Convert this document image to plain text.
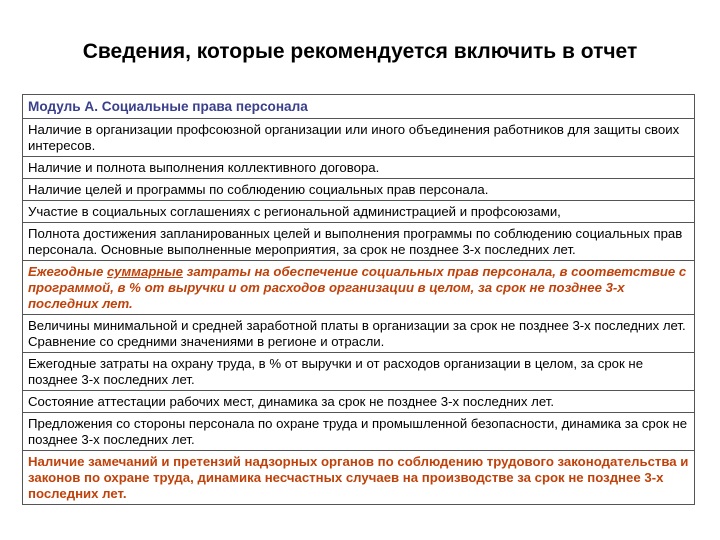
Сведения, которые рекомендуется включить в отчет
Модуль А. Социальные права персонала
Наличие в организации профсоюзной организации или иного объединения работников для защиты своих интересов.
Наличие и полнота выполнения коллективного договора.
Наличие целей и программы по соблюдению социальных прав персонала.
Участие в социальных соглашениях с региональной администрацией и профсоюзами,
Полнота достижения запланированных целей и выполнения программы по соблюдению социальных прав персонала. Основные выполненные мероприятия, за срок не позднее 3-х последних лет.
Ежегодные суммарные затраты на обеспечение социальных прав персонала, в соответствие с программой, в % от выручки и от расходов организации в целом, за срок не позднее 3-х последних лет.
Величины минимальной и средней заработной платы в организации за срок не позднее 3-х последних лет. Сравнение со средними значениями в регионе и отрасли.
Ежегодные затраты на охрану труда, в % от выручки и от расходов организации в целом, за срок не позднее 3-х последних лет.
Состояние аттестации рабочих мест, динамика за срок не позднее 3-х последних лет.
Предложения со стороны персонала по охране труда и промышленной безопасности, динамика за срок не позднее 3-х последних лет.
Наличие замечаний и претензий надзорных органов по соблюдению трудового законодательства и законов по охране труда, динамика несчастных случаев на производстве за срок не позднее 3-х последних лет.
